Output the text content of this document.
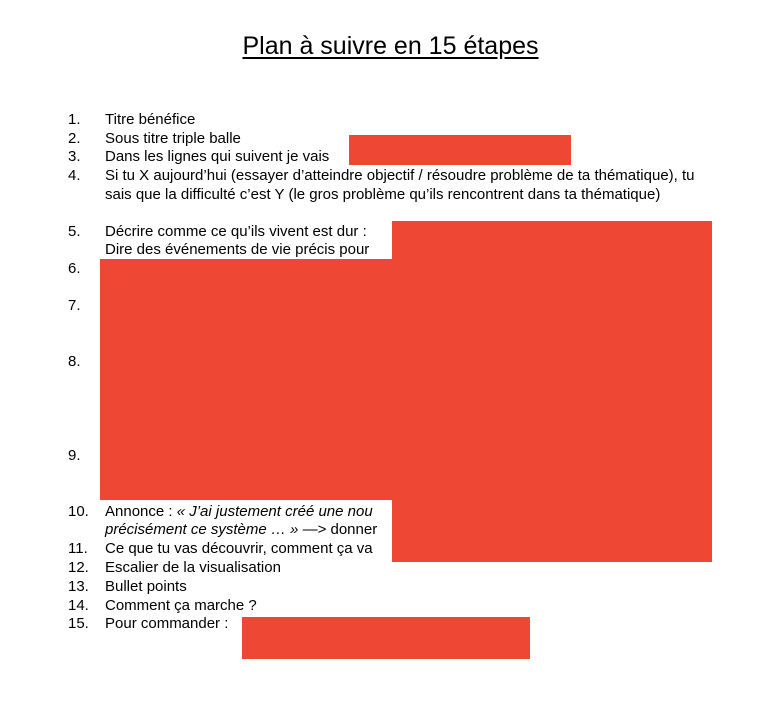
Plan à suivre en 15 étapes
1.	Titre bénéfice
2.	Sous titre triple balle
3.	Dans les lignes qui suivent je vais
4.	Si tu X aujourd’hui (essayer d’atteindre objectif / résoudre problème de ta thématique), tu sais que la difficulté c’est Y (le gros problème qu’ils rencontrent dans ta thématique)
5.	Décrire comme ce qu’ils vivent est dur :
Dire des événements de vie précis pour
6.
7.
8.
9.
10.	Annonce : « J’ai justement créé une nou
précisément ce système … » —> donner
11.	Ce que tu vas découvrir, comment ça va
12.	Escalier de la visualisation
13.	Bullet points
14.	Comment ça marche ?
15.	Pour commander :
